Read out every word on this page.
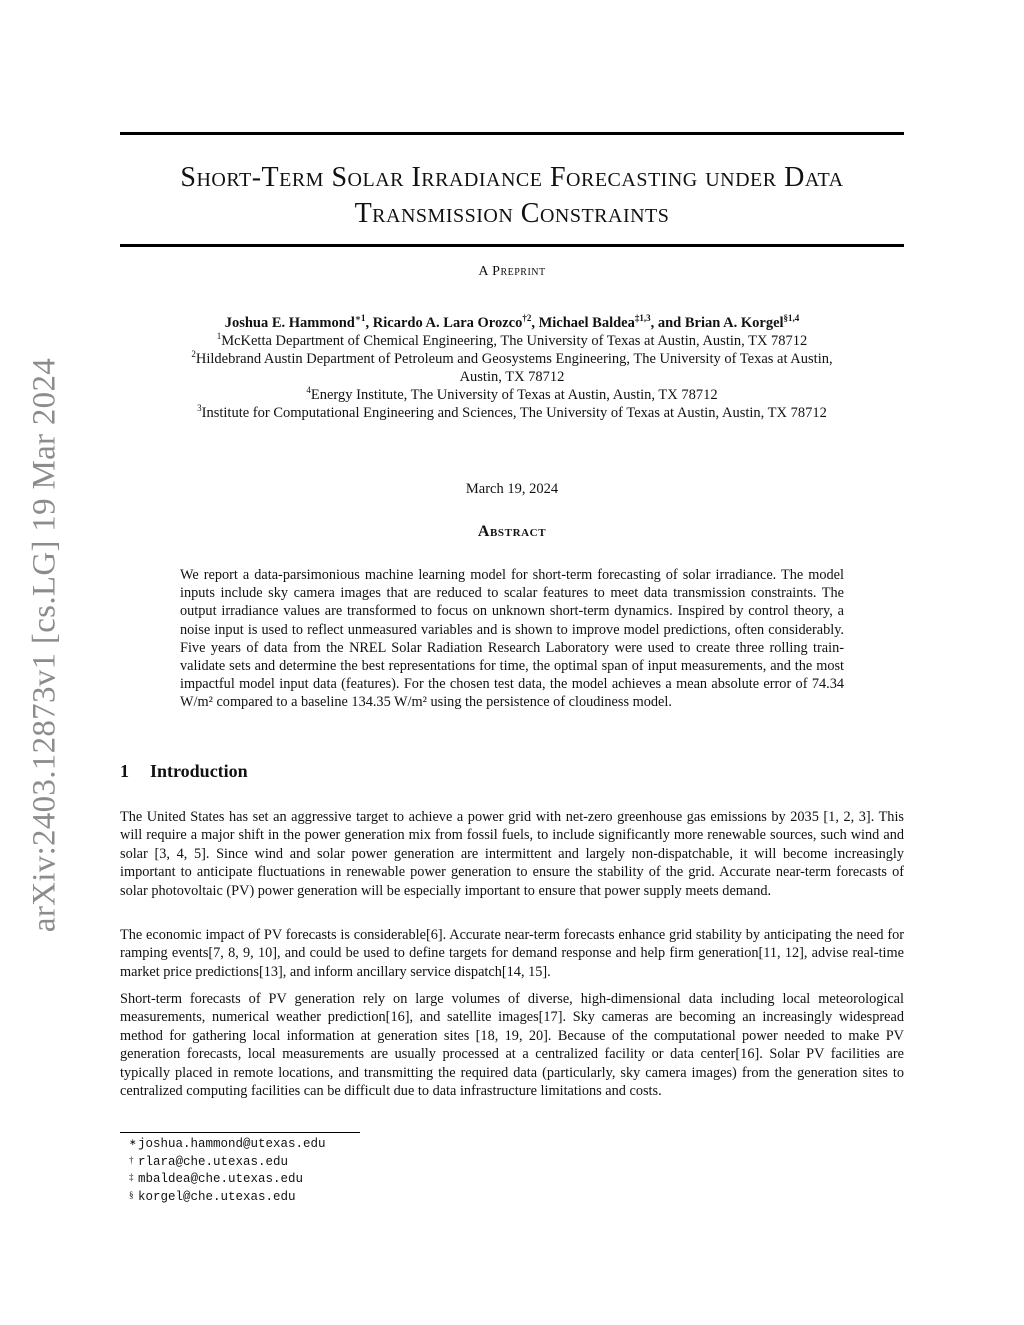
arXiv:2403.12873v1 [cs.LG] 19 Mar 2024
Short-Term Solar Irradiance Forecasting under Data
Transmission Constraints
A Preprint
Joshua E. Hammond$^{∗1}$, Ricardo A. Lara Orozco$^{\dagger 2}$, Michael Baldea$^{\ddagger 1,3}$, and Brian A. Korgel$^{\S 1,4}$
$^1$McKetta Department of Chemical Engineering, The University of Texas at Austin, Austin, TX 78712
$^2$Hildebrand Austin Department of Petroleum and Geosystems Engineering, The University of Texas at Austin,
Austin, TX 78712
$^4$Energy Institute, The University of Texas at Austin, Austin, TX 78712
$^3$Institute for Computational Engineering and Sciences, The University of Texas at Austin, Austin, TX 78712
March 19, 2024
Abstract
We report a data-parsimonious machine learning model for short-term forecasting of solar irradiance. The model inputs include sky camera images that are reduced to scalar features to meet data transmission constraints. The output irradiance values are transformed to focus on unknown short-term dynamics. Inspired by control theory, a noise input is used to reflect unmeasured variables and is shown to improve model predictions, often considerably. Five years of data from the NREL Solar Radiation Research Laboratory were used to create three rolling train-validate sets and determine the best representations for time, the optimal span of input measurements, and the most impactful model input data (features). For the chosen test data, the model achieves a mean absolute error of 74.34 W/m² compared to a baseline 134.35 W/m² using the persistence of cloudiness model.
1 Introduction
The United States has set an aggressive target to achieve a power grid with net-zero greenhouse gas emissions by 2035 [1, 2, 3]. This will require a major shift in the power generation mix from fossil fuels, to include significantly more renewable sources, such wind and solar [3, 4, 5]. Since wind and solar power generation are intermittent and largely non-dispatchable, it will become increasingly important to anticipate fluctuations in renewable power generation to ensure the stability of the grid. Accurate near-term forecasts of solar photovoltaic (PV) power generation will be especially important to ensure that power supply meets demand.
The economic impact of PV forecasts is considerable[6]. Accurate near-term forecasts enhance grid stability by anticipating the need for ramping events[7, 8, 9, 10], and could be used to define targets for demand response and help firm generation[11, 12], advise real-time market price predictions[13], and inform ancillary service dispatch[14, 15].
Short-term forecasts of PV generation rely on large volumes of diverse, high-dimensional data including local meteorological measurements, numerical weather prediction[16], and satellite images[17]. Sky cameras are becoming an increasingly widespread method for gathering local information at generation sites [18, 19, 20]. Because of the computational power needed to make PV generation forecasts, local measurements are usually processed at a centralized facility or data center[16]. Solar PV facilities are typically placed in remote locations, and transmitting the required data (particularly, sky camera images) from the generation sites to centralized computing facilities can be difficult due to data infrastructure limitations and costs.
∗ joshua.hammond@utexas.edu
† rlara@che.utexas.edu
‡ mbaldea@che.utexas.edu
§ korgel@che.utexas.edu
